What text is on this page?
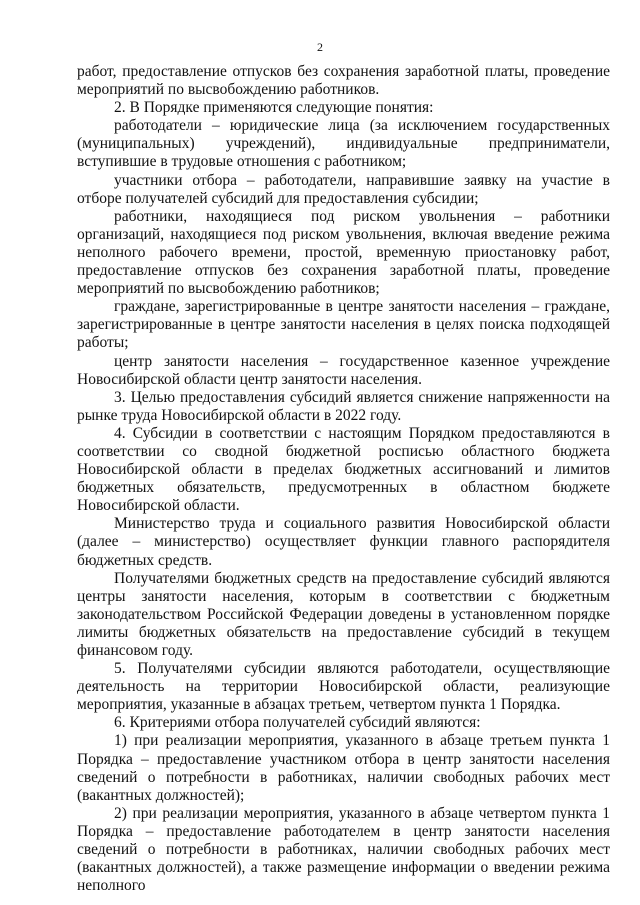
2

работ, предоставление отпусков без сохранения заработной платы, проведение мероприятий по высвобождению работников.

2. В Порядке применяются следующие понятия:

работодатели – юридические лица (за исключением государственных (муниципальных) учреждений), индивидуальные предприниматели, вступившие в трудовые отношения с работником;

участники отбора – работодатели, направившие заявку на участие в отборе получателей субсидий для предоставления субсидии;

работники, находящиеся под риском увольнения – работники организаций, находящиеся под риском увольнения, включая введение режима неполного рабочего времени, простой, временную приостановку работ, предоставление отпусков без сохранения заработной платы, проведение мероприятий по высвобождению работников;

граждане, зарегистрированные в центре занятости населения – граждане, зарегистрированные в центре занятости населения в целях поиска подходящей работы;

центр занятости населения – государственное казенное учреждение Новосибирской области центр занятости населения.

3. Целью предоставления субсидий является снижение напряженности на рынке труда Новосибирской области в 2022 году.

4. Субсидии в соответствии с настоящим Порядком предоставляются в соответствии со сводной бюджетной росписью областного бюджета Новосибирской области в пределах бюджетных ассигнований и лимитов бюджетных обязательств, предусмотренных в областном бюджете Новосибирской области.

Министерство труда и социального развития Новосибирской области (далее – министерство) осуществляет функции главного распорядителя бюджетных средств.

Получателями бюджетных средств на предоставление субсидий являются центры занятости населения, которым в соответствии с бюджетным законодательством Российской Федерации доведены в установленном порядке лимиты бюджетных обязательств на предоставление субсидий в текущем финансовом году.

5. Получателями субсидии являются работодатели, осуществляющие деятельность на территории Новосибирской области, реализующие мероприятия, указанные в абзацах третьем, четвертом пункта 1 Порядка.

6. Критериями отбора получателей субсидий являются:

1) при реализации мероприятия, указанного в абзаце третьем пункта 1 Порядка – предоставление участником отбора в центр занятости населения сведений о потребности в работниках, наличии свободных рабочих мест (вакантных должностей);

2) при реализации мероприятия, указанного в абзаце четвертом пункта 1 Порядка – предоставление работодателем в центр занятости населения сведений о потребности в работниках, наличии свободных рабочих мест (вакантных должностей), а также размещение информации о введении режима неполного
